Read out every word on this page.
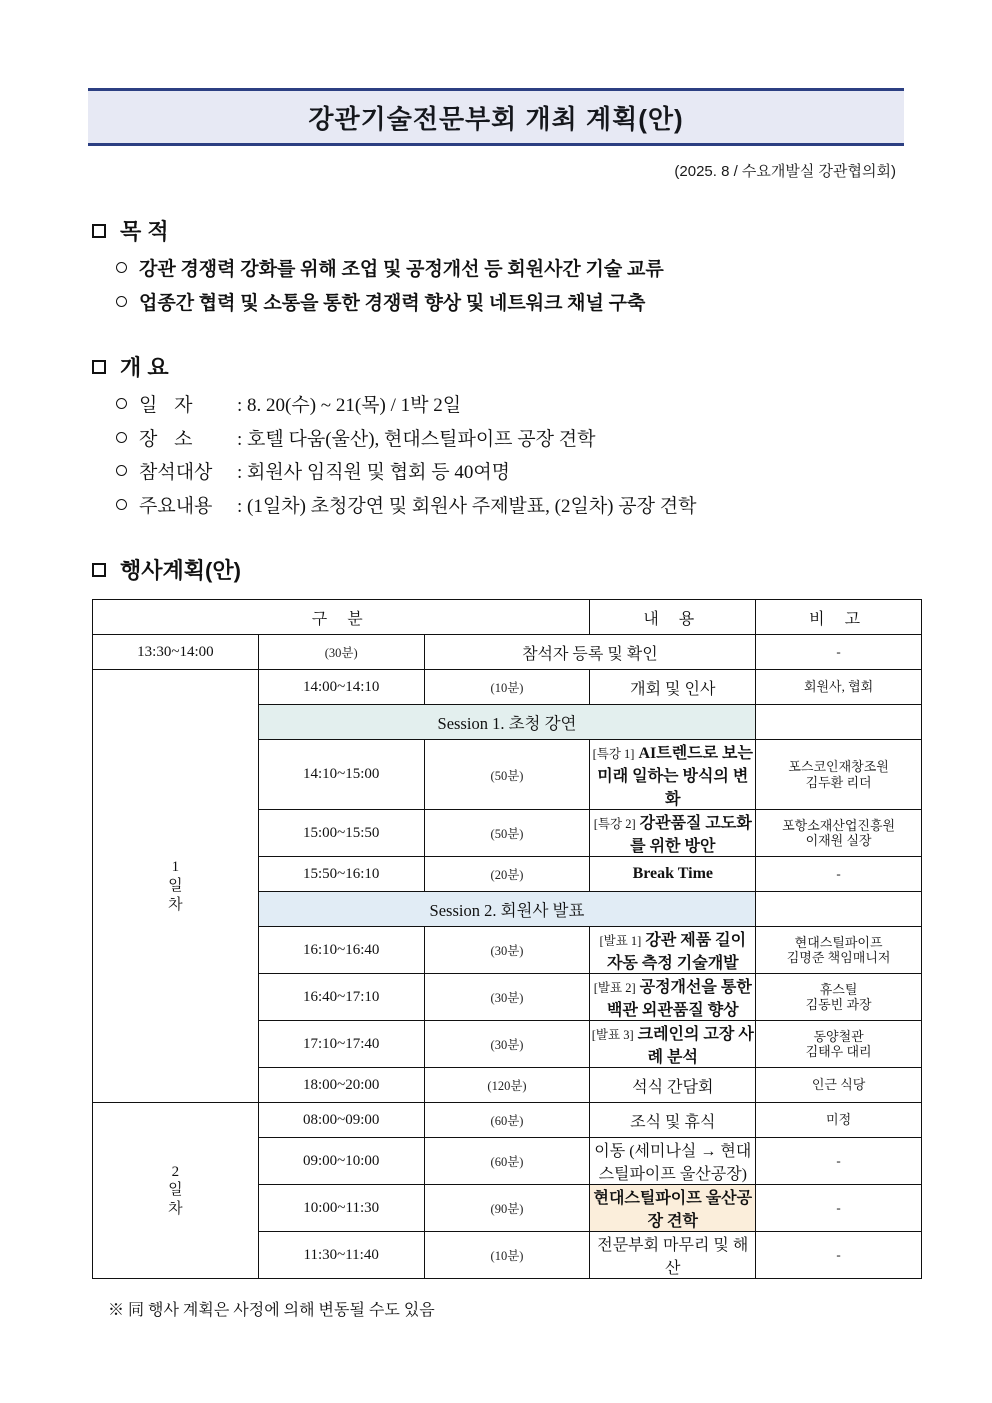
강관기술전문부회 개최 계획(안)
(2025. 8 / 수요개발실 강관협의회)
목 적
강관 경쟁력 강화를 위해 조업 및 공정개선 등 회원사간 기술 교류
업종간 협력 및 소통을 통한 경쟁력 향상 및 네트워크 채널 구축
개 요
일 자	: 8. 20(수) ~ 21(목) / 1박 2일
장 소	: 호텔 다움(울산), 현대스틸파이프 공장 견학
참석대상	: 회원사 임직원 및 협회 등 40여명
주요내용	: (1일차) 초청강연 및 회원사 주제발표, (2일차) 공장 견학
행사계획(안)
구 분			내 용	비 고
13:30~14:00	(30분)	참석자 등록 및 확인		-

1
일
차	14:00~14:10	(10분)	개회 및 인사	회원사, 협회
	Session 1. 초청 강연			
	14:10~15:00	(50분)	[특강 1] AI트렌드로 보는 미래 일하는 방식의 변화	포스코인재창조원
김두환 리더

	15:00~15:50	(50분)	[특강 2] 강관품질 고도화를 위한 방안	포항소재산업진흥원
이재원 실장

	15:50~16:10	(20분)	Break Time	-
	Session 2. 회원사 발표			
	16:10~16:40	(30분)	[발표 1] 강관 제품 길이 자동 측정 기술개발	현대스틸파이프
김명준 책임매니저

	16:40~17:10	(30분)	[발표 2] 공정개선을 통한 백관 외관품질 향상	휴스틸
김동빈 과장

	17:10~17:40	(30분)	[발표 3] 크레인의 고장 사례 분석	동양철관
김태우 대리

	18:00~20:00	(120분)	석식 간담회	인근 식당

2
일
차	08:00~09:00	(60분)	조식 및 휴식	미정
	09:00~10:00	(60분)	이동 (세미나실 → 현대스틸파이프 울산공장)	-
	10:00~11:30	(90분)	현대스틸파이프 울산공장 견학	-
	11:30~11:40	(10분)	전문부회 마무리 및 해산	-
※ 同 행사 계획은 사정에 의해 변동될 수도 있음
